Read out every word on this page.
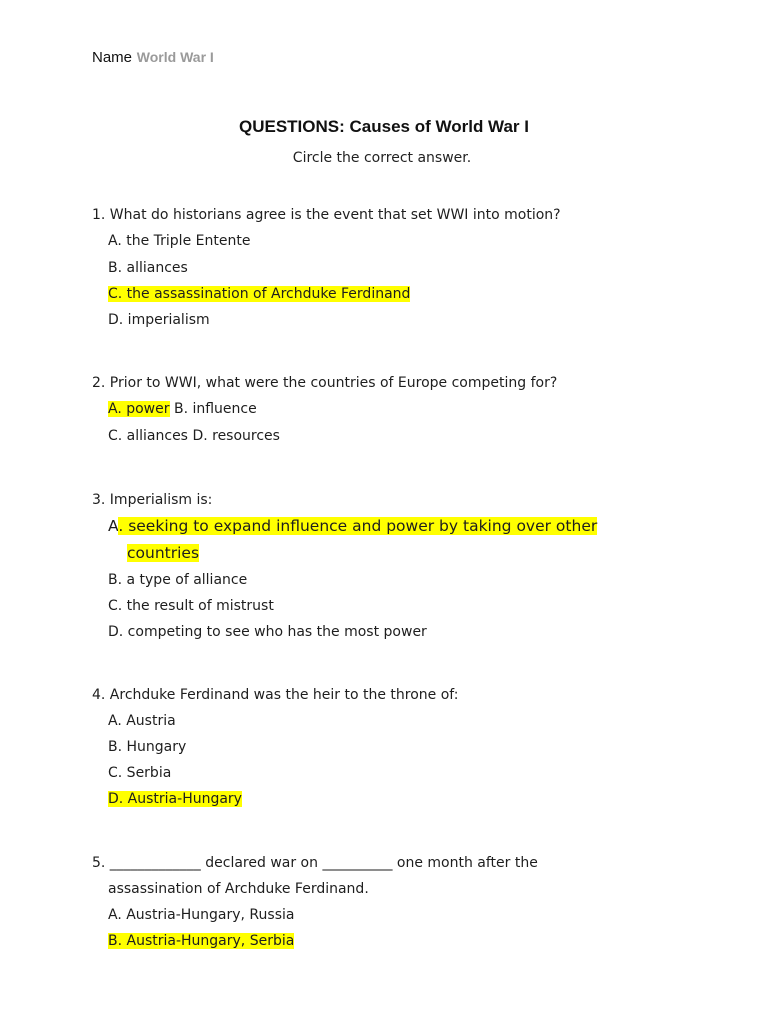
Name World War I
QUESTIONS: Causes of World War I
Circle the correct answer.
1. What do historians agree is the event that set WWI into motion?
A. the Triple Entente
B. alliances
C. the assassination of Archduke Ferdinand
D. imperialism
2. Prior to WWI, what were the countries of Europe competing for?
A. power B. influence
C. alliances D. resources
3. Imperialism is:
A. seeking to expand influence and power by taking over other
countries
B. a type of alliance
C. the result of mistrust
D. competing to see who has the most power
4. Archduke Ferdinand was the heir to the throne of:
A. Austria
B. Hungary
C. Serbia
D. Austria-Hungary
5. _____________ declared war on __________ one month after the
assassination of Archduke Ferdinand.
A. Austria-Hungary, Russia
B. Austria-Hungary, Serbia
